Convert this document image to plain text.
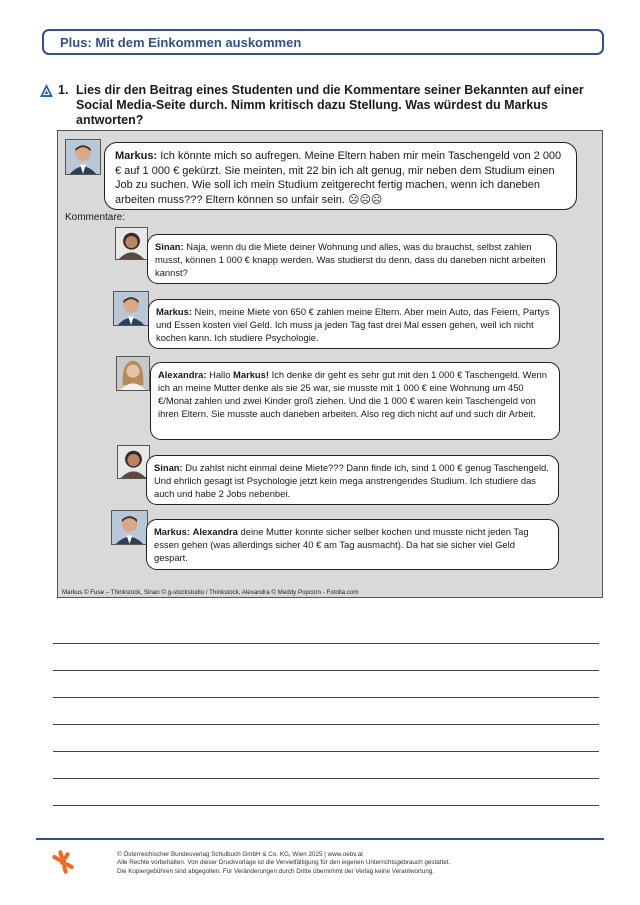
Plus: Mit dem Einkommen auskommen
1. Lies dir den Beitrag eines Studenten und die Kommentare seiner Bekannten auf einer Social Media-Seite durch. Nimm kritisch dazu Stellung. Was würdest du Markus antworten?
Markus: Ich könnte mich so aufregen. Meine Eltern haben mir mein Taschengeld von 2 000 € auf 1 000 € gekürzt. Sie meinten, mit 22 bin ich alt genug, mir neben dem Studium einen Job zu suchen. Wie soll ich mein Studium zeitgerecht fertig machen, wenn ich daneben arbeiten muss??? Eltern können so unfair sein. ☹☹☹
Kommentare:
Sinan: Naja, wenn du die Miete deiner Wohnung und alles, was du brauchst, selbst zahlen musst, können 1 000 € knapp werden. Was studierst du denn, dass du daneben nicht arbeiten kannst?
Markus: Nein, meine Miete von 650 € zahlen meine Eltern. Aber mein Auto, das Feiern, Partys und Essen kosten viel Geld. Ich muss ja jeden Tag fast drei Mal essen gehen, weil ich nicht kochen kann. Ich studiere Psychologie.
Alexandra: Hallo Markus! Ich denke dir geht es sehr gut mit den 1 000 € Taschengeld. Wenn ich an meine Mutter denke als sie 25 war, sie musste mit 1 000 € eine Wohnung um 450 €/Monat zahlen und zwei Kinder groß ziehen. Und die 1 000 € waren kein Taschengeld von ihren Eltern. Sie musste auch daneben arbeiten. Also reg dich nicht auf und such dir Arbeit.
Sinan: Du zahlst nicht einmal deine Miete??? Dann finde ich, sind 1 000 € genug Taschengeld. Und ehrlich gesagt ist Psychologie jetzt kein mega anstrengendes Studium. Ich studiere das auch und habe 2 Jobs nebenbei.
Markus: Alexandra deine Mutter konnte sicher selber kochen und musste nicht jeden Tag essen gehen (was allerdings sicher 40 € am Tag ausmacht). Da hat sie sicher viel Geld gespart.
Markus © Fuse – Thinkstock, Sinan © g-stockstudio / Thinkstock, Alexandra © Meddy Popcorn - Fotolia.com
© Österreichischer Bundesverlag Schulbuch GmbH & Co. KG, Wien 2025 | www.oebv.at
Alle Rechte vorbehalten. Von dieser Druckvorlage ist die Vervielfältigung für den eigenen Unterrichtsgebrauch gestattet.
Die Kopiergebühren sind abgegolten. Für Veränderungen durch Dritte übernimmt der Verlag keine Verantwortung.
